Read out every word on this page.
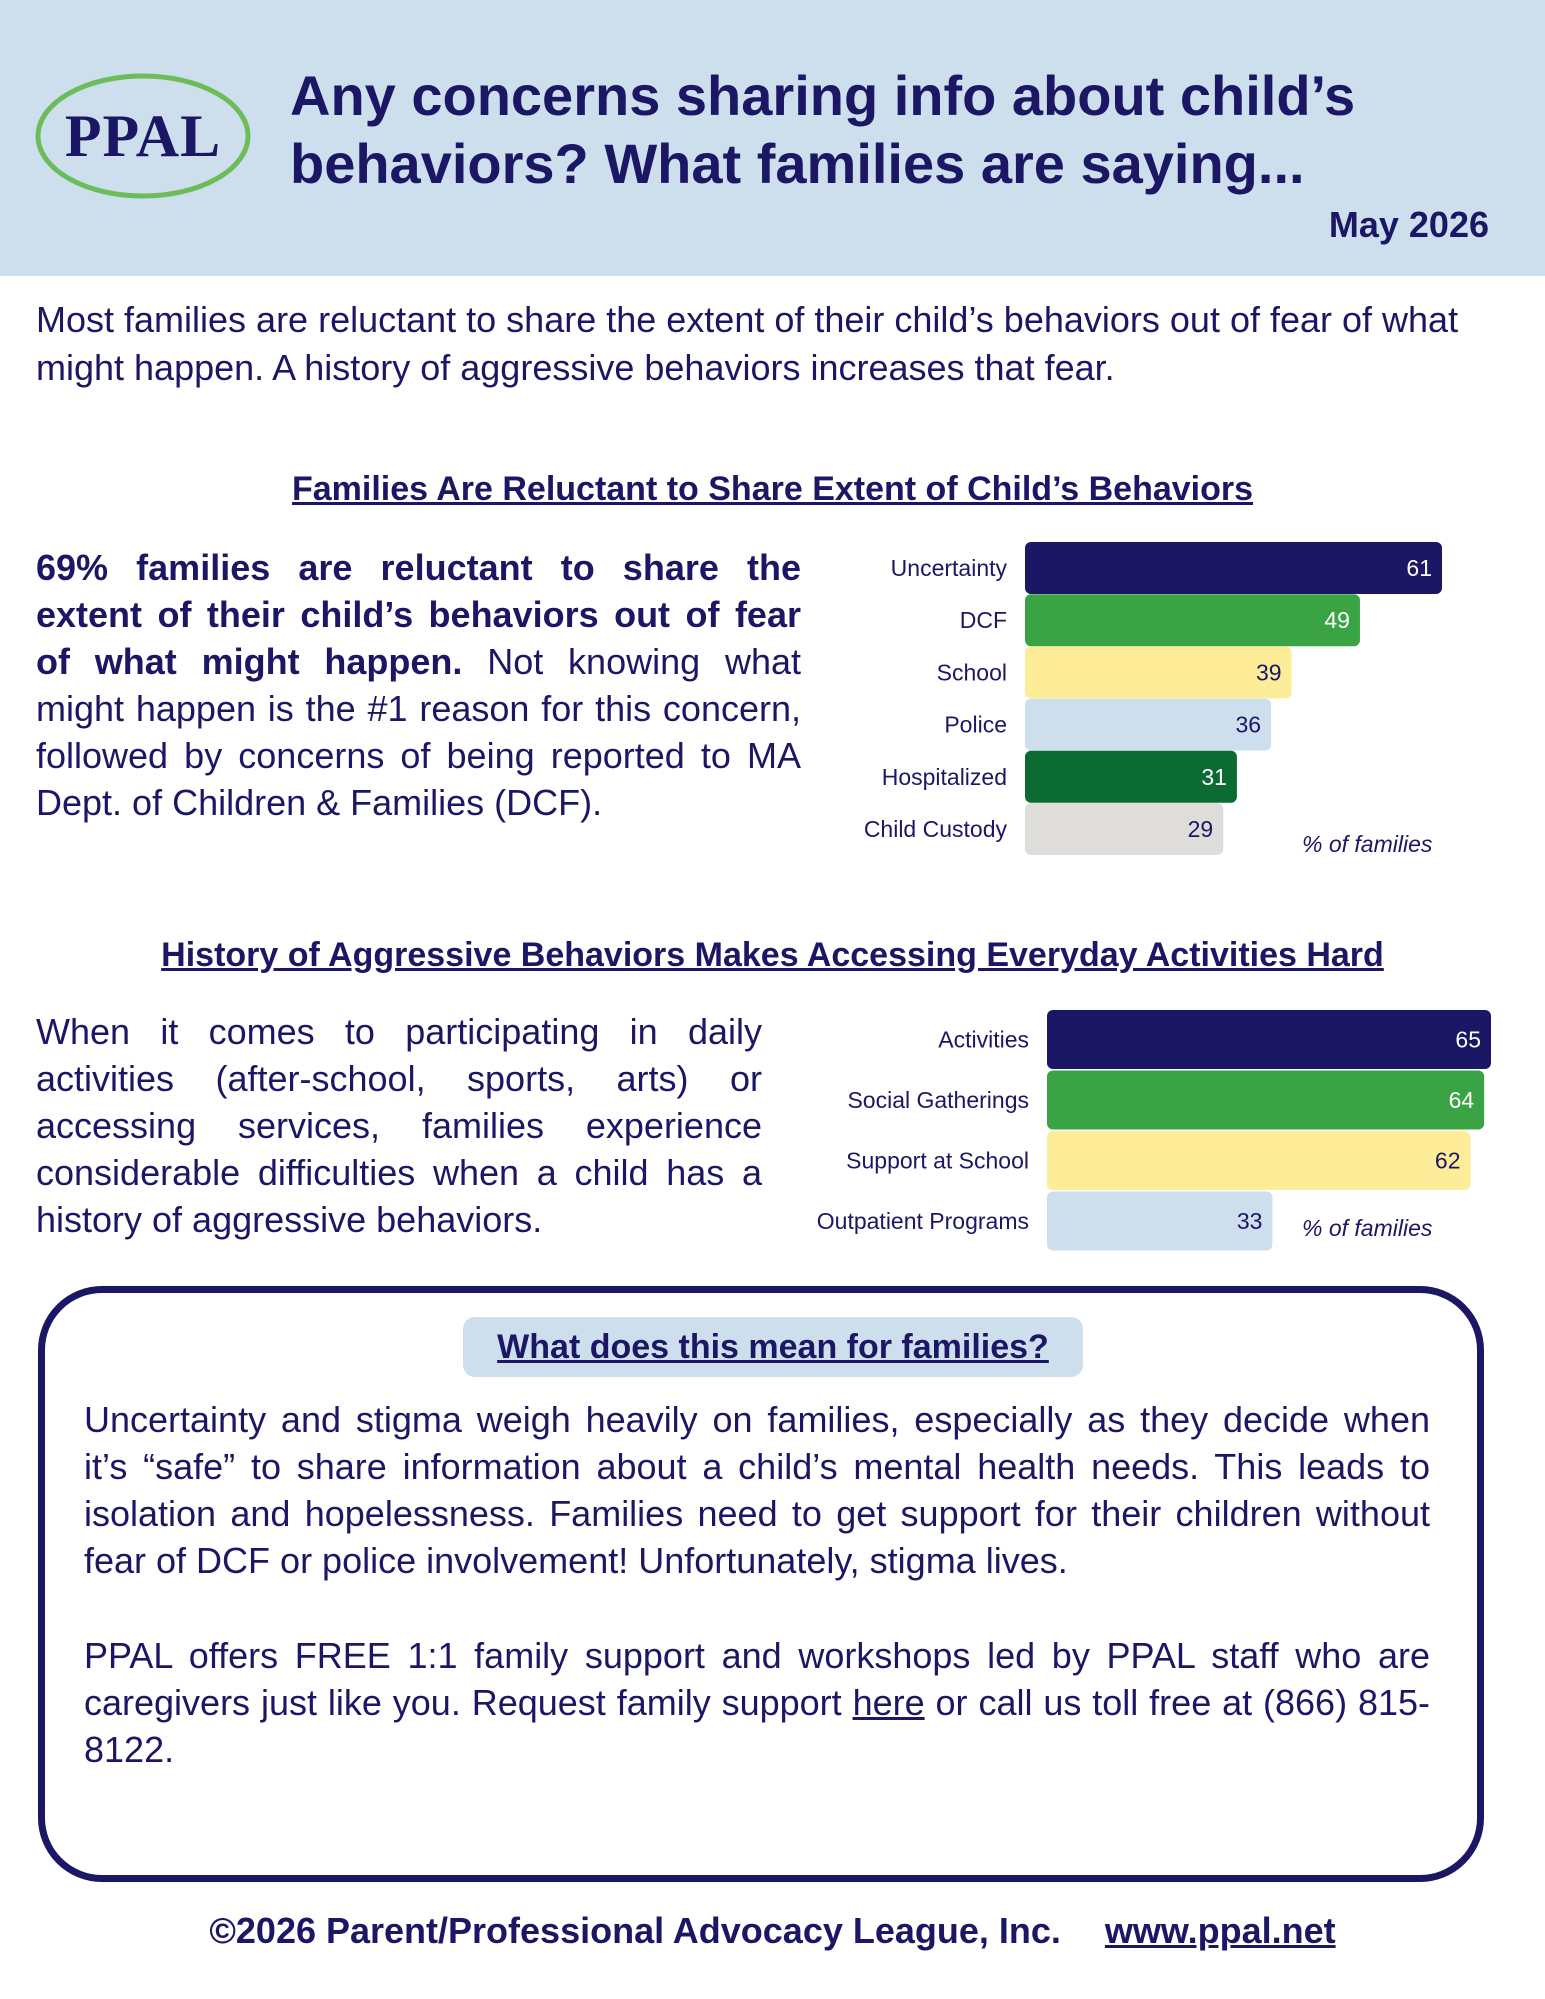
PPAL
Any concerns sharing info about child’s
behaviors? What families are saying...
May 2026
Most families are reluctant to share the extent of their child’s behaviors out of fear of what might happen. A history of aggressive behaviors increases that fear.
Families Are Reluctant to Share Extent of Child’s Behaviors
69% families are reluctant to share the extent of their child’s behaviors out of fear of what might happen. Not knowing what might happen is the #1 reason for this concern, followed by concerns of being reported to MA Dept. of Children & Families (DCF).
Uncertainty	61
DCF	49
School	39
Police	36
Hospitalized	31
Child Custody	29
% of families
History of Aggressive Behaviors Makes Accessing Everyday Activities Hard
When it comes to participating in daily activities (after-school, sports, arts) or accessing services, families experience considerable difficulties when a child has a history of aggressive behaviors.
Activities	65
Social Gatherings	64
Support at School	62
Outpatient Programs	33 % of families
What does this mean for families?
Uncertainty and stigma weigh heavily on families, especially as they decide when it’s “safe” to share information about a child’s mental health needs. This leads to isolation and hopelessness. Families need to get support for their children without fear of DCF or police involvement! Unfortunately, stigma lives.
PPAL offers FREE 1:1 family support and workshops led by PPAL staff who are caregivers just like you. Request family support here or call us toll free at (866) 815-8122.
©2026 Parent/Professional Advocacy League, Inc. www.ppal.net
